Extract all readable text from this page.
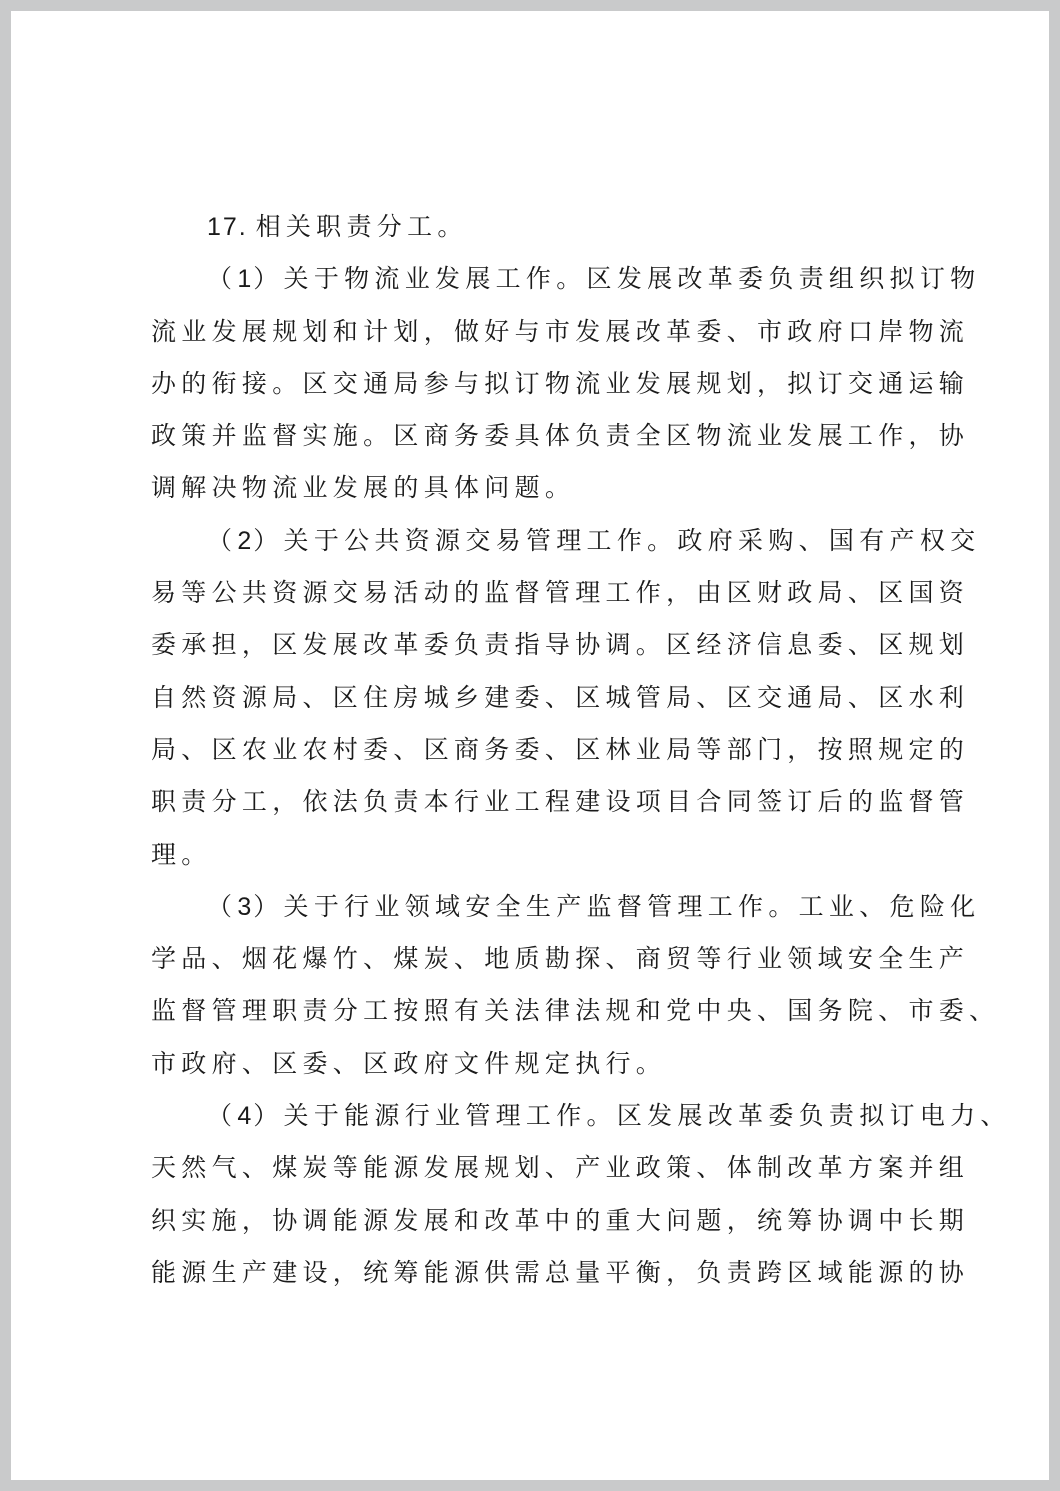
17.  相关职责分工。
（1）关于物流业发展工作。区发展改革委负责组织拟订物
流业发展规划和计划，做好与市发展改革委、市政府口岸物流
办的衔接。区交通局参与拟订物流业发展规划，拟订交通运输
政策并监督实施。区商务委具体负责全区物流业发展工作，协
调解决物流业发展的具体问题。
（2）关于公共资源交易管理工作。政府采购、国有产权交
易等公共资源交易活动的监督管理工作，由区财政局、区国资
委承担，区发展改革委负责指导协调。区经济信息委、区规划
自然资源局、区住房城乡建委、区城管局、区交通局、区水利
局、区农业农村委、区商务委、区林业局等部门，按照规定的
职责分工，依法负责本行业工程建设项目合同签订后的监督管
理。
（3）关于行业领域安全生产监督管理工作。工业、危险化
学品、烟花爆竹、煤炭、地质勘探、商贸等行业领域安全生产
监督管理职责分工按照有关法律法规和党中央、国务院、市委、
市政府、区委、区政府文件规定执行。
（4）关于能源行业管理工作。区发展改革委负责拟订电力、
天然气、煤炭等能源发展规划、产业政策、体制改革方案并组
织实施，协调能源发展和改革中的重大问题，统筹协调中长期
能源生产建设，统筹能源供需总量平衡，负责跨区域能源的协
